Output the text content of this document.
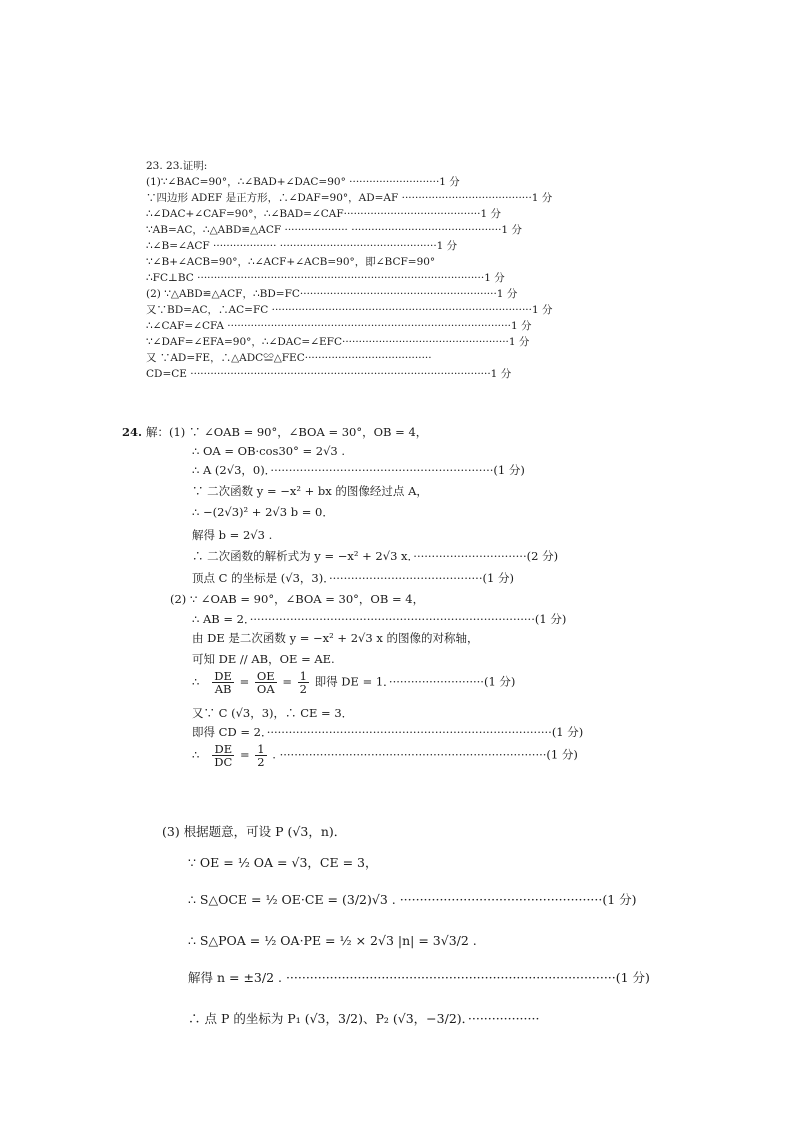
23. 23.证明:
(1)∵∠BAC=90°，∴∠BAD+∠DAC=90° ···························1 分
∵四边形 ADEF 是正方形，∴∠DAF=90°，AD=AF ·······································1 分
∴∠DAC+∠CAF=90°，∴∠BAD=∠CAF·········································1 分
∵AB=AC，∴△ABD≌△ACF ··················· ·············································1 分
∴∠B=∠ACF ··················· ···············································1 分
∵∠B+∠ACB=90°，∴∠ACF+∠ACB=90°，即∠BCF=90°
∴FC⊥BC ······················································································1 分
(2) ∵△ABD≌△ACF，∴BD=FC···························································1 分
又∵BD=AC，∴AC=FC ··············································································1 分
∴∠CAF=∠CFA ·····················································································1 分
∵∠DAF=∠EFA=90°，∴∠DAC=∠EFC··················································1 分
又 ∵AD=FE，∴△ADC≌△FEC······································
CD=CE ··························································································1 分
24. 解：(1) ∵ ∠OAB = 90°，∠BOA = 30°，OB = 4，
∴ OA = OB·cos30° = 2√3 .
∴ A (2√3，0)．·····························································(1 分)
∵ 二次函数 y = −x² + bx 的图像经过点 A，
∴ −(2√3)² + 2√3 b = 0．
解得 b = 2√3 .
∴ 二次函数的解析式为 y = −x² + 2√3 x．·······························(2 分)
顶点 C 的坐标是 (√3，3)．··········································(1 分)
(2) ∵ ∠OAB = 90°，∠BOA = 30°，OB = 4，
∴ AB = 2．··············································································(1 分)
由 DE 是二次函数 y = −x² + 2√3 x 的图像的对称轴，
可知 DE // AB，OE = AE.
∴ $\frac{DE}{AB} = \frac{OE}{OA} = \frac{1}{2}$ 即得 DE = 1．··························(1 分)
又∵ C (√3，3)，∴ CE = 3．
即得 CD = 2．··············································································(1 分)
∴ $\frac{DE}{DC} = \frac{1}{2}$ . ·········································································(1 分)
(3) 根据题意，可设 P (√3，n)．
∵ OE = ½ OA = √3，CE = 3，
∴ S△OCE = ½ OE·CE = (3/2)√3 . ···················································(1 分)
∴ S△POA = ½ OA·PE = ½ × 2√3 |n| = 3√3/2 .
解得 n = ±3/2 . ···················································································(1 分)
∴ 点 P 的坐标为 P₁ (√3，3/2)、P₂ (√3，−3/2)．··················
